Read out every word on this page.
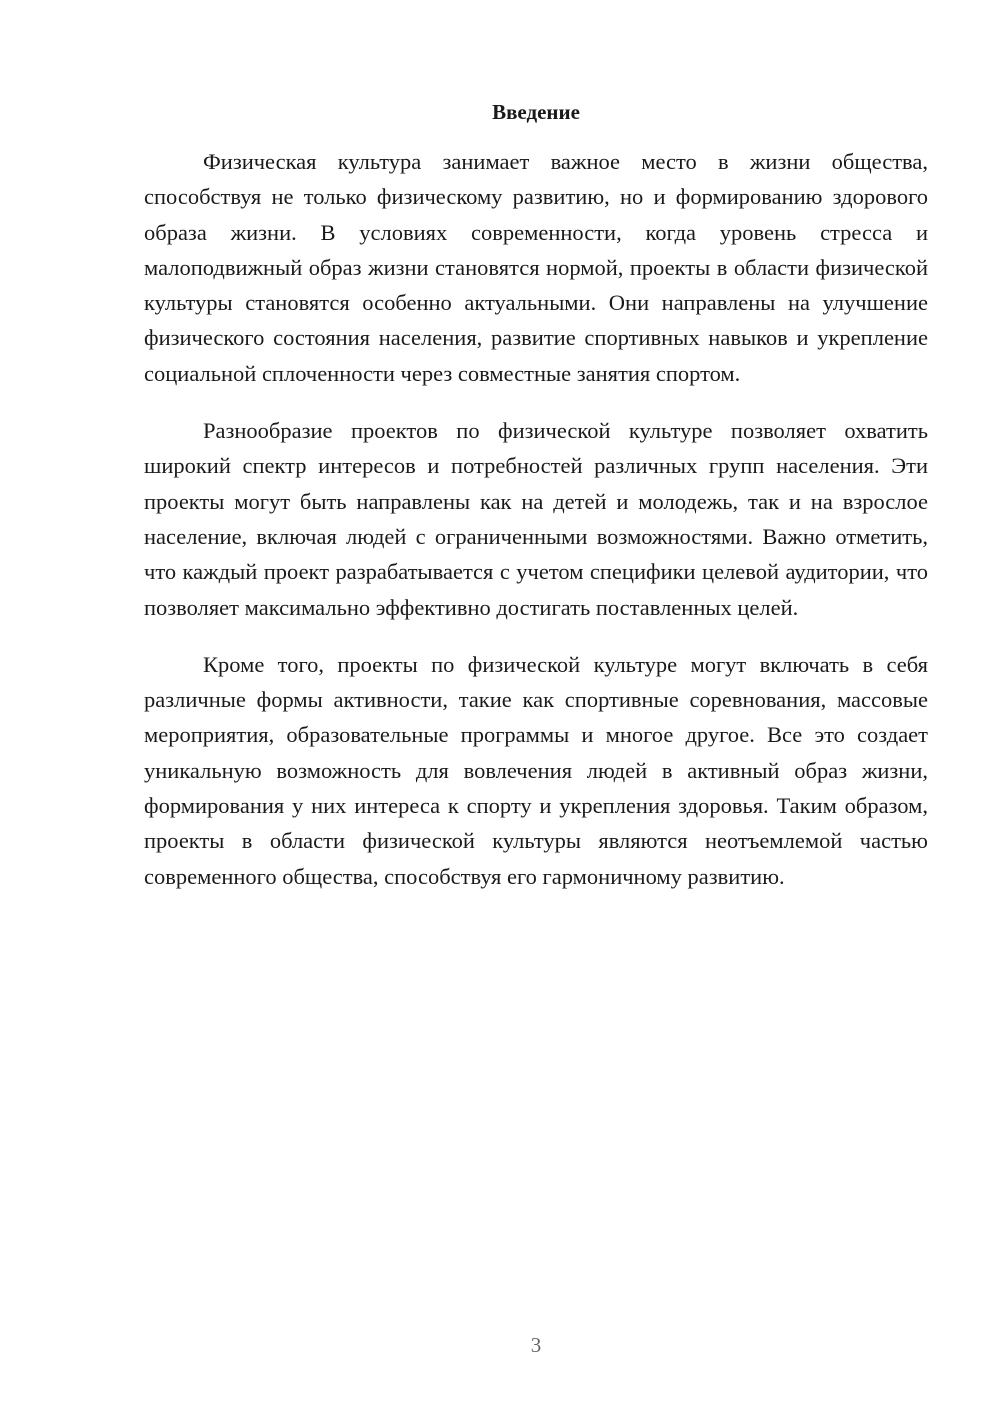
Введение

Физическая культура занимает важное место в жизни общества, способствуя не только физическому развитию, но и формированию здорового образа жизни. В условиях современности, когда уровень стресса и малоподвижный образ жизни становятся нормой, проекты в области физической культуры становятся особенно актуальными. Они направлены на улучшение физического состояния населения, развитие спортивных навыков и укрепление социальной сплоченности через совместные занятия спортом.

Разнообразие проектов по физической культуре позволяет охватить широкий спектр интересов и потребностей различных групп населения. Эти проекты могут быть направлены как на детей и молодежь, так и на взрослое население, включая людей с ограниченными возможностями. Важно отметить, что каждый проект разрабатывается с учетом специфики целевой аудитории, что позволяет максимально эффективно достигать поставленных целей.

Кроме того, проекты по физической культуре могут включать в себя различные формы активности, такие как спортивные соревнования, массовые мероприятия, образовательные программы и многое другое. Все это создает уникальную возможность для вовлечения людей в активный образ жизни, формирования у них интереса к спорту и укрепления здоровья. Таким образом, проекты в области физической культуры являются неотъемлемой частью современного общества, способствуя его гармоничному развитию.

3
